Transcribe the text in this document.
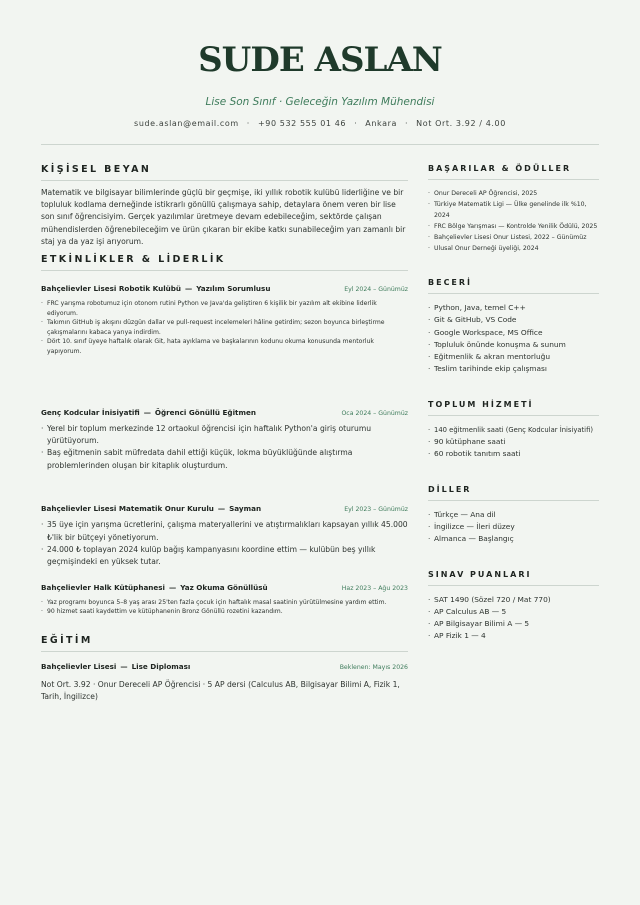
SUDE ASLAN
Lise Son Sınıf · Geleceğin Yazılım Mühendisi
sude.aslan@email.com · +90 532 555 01 46 · Ankara · Not Ort. 3.92 / 4.00
KİŞİSEL BEYAN

Matematik ve bilgisayar bilimlerinde güçlü bir geçmişe, iki yıllık robotik kulübü liderliğine ve bir topluluk kodlama derneğinde istikrarlı gönüllü çalışmaya sahip, detaylara önem veren bir lise son sınıf öğrencisiyim. Gerçek yazılımlar üretmeye devam edebileceğim, sektörde çalışan mühendislerden öğrenebileceğim ve ürün çıkaran bir ekibe katkı sunabileceğim yarı zamanlı bir staj ya da yaz işi arıyorum.

ETKİNLİKLER & LİDERLİK
Bahçelievler Lisesi Robotik Kulübü — Yazılım Sorumlusu	Eyl 2024 – Günümüz
· FRC yarışma robotumuz için otonom rutini Python ve Java'da geliştiren 6 kişilik bir yazılım alt ekibine liderlik ediyorum.
· Takımın GitHub iş akışını düzgün dallar ve pull-request incelemeleri hâline getirdim; sezon boyunca birleştirme çakışmalarını kabaca yarıya indirdim.
· Dört 10. sınıf üyeye haftalık olarak Git, hata ayıklama ve başkalarının kodunu okuma konusunda mentorluk yapıyorum.
Genç Kodcular İnisiyatifi — Öğrenci Gönüllü Eğitmen	Oca 2024 – Günümüz
· Yerel bir toplum merkezinde 12 ortaokul öğrencisi için haftalık Python'a giriş oturumu yürütüyorum.
· Baş eğitmenin sabit müfredata dahil ettiği küçük, lokma büyüklüğünde alıştırma problemlerinden oluşan bir kitaplık oluşturdum.
Bahçelievler Lisesi Matematik Onur Kurulu — Sayman	Eyl 2023 – Günümüz
· 35 üye için yarışma ücretlerini, çalışma materyallerini ve atıştırmalıkları kapsayan yıllık 45.000 ₺'lik bir bütçeyi yönetiyorum.
· 24.000 ₺ toplayan 2024 kulüp bağış kampanyasını koordine ettim — kulübün beş yıllık geçmişindeki en yüksek tutar.
Bahçelievler Halk Kütüphanesi — Yaz Okuma Gönüllüsü	Haz 2023 – Ağu 2023
· Yaz programı boyunca 5–8 yaş arası 25'ten fazla çocuk için haftalık masal saatinin yürütülmesine yardım ettim.
· 90 hizmet saati kaydettim ve kütüphanenin Bronz Gönüllü rozetini kazandım.
EĞİTİM
Bahçelievler Lisesi — Lise Diploması	Beklenen: Mayıs 2026
Not Ort. 3.92 · Onur Dereceli AP Öğrencisi · 5 AP dersi (Calculus AB, Bilgisayar Bilimi A, Fizik 1, Tarih, İngilizce)
BAŞARILAR & ÖDÜLLER
· Onur Dereceli AP Öğrencisi, 2025
· Türkiye Matematik Ligi — Ülke genelinde ilk %10, 2024
· FRC Bölge Yarışması — Kontrolde Yenilik Ödülü, 2025
· Bahçelievler Lisesi Onur Listesi, 2022 – Günümüz
· Ulusal Onur Derneği üyeliği, 2024
BECERİ
· Python, Java, temel C++
· Git & GitHub, VS Code
· Google Workspace, MS Office
· Topluluk önünde konuşma & sunum
· Eğitmenlik & akran mentorluğu
· Teslim tarihinde ekip çalışması
TOPLUM HİZMETİ
· 140 eğitmenlik saati (Genç Kodcular İnisiyatifi)
· 90 kütüphane saati
· 60 robotik tanıtım saati
DİLLER
· Türkçe — Ana dil
· İngilizce — İleri düzey
· Almanca — Başlangıç
SINAV PUANLARI
· SAT 1490 (Sözel 720 / Mat 770)
· AP Calculus AB — 5
· AP Bilgisayar Bilimi A — 5
· AP Fizik 1 — 4
